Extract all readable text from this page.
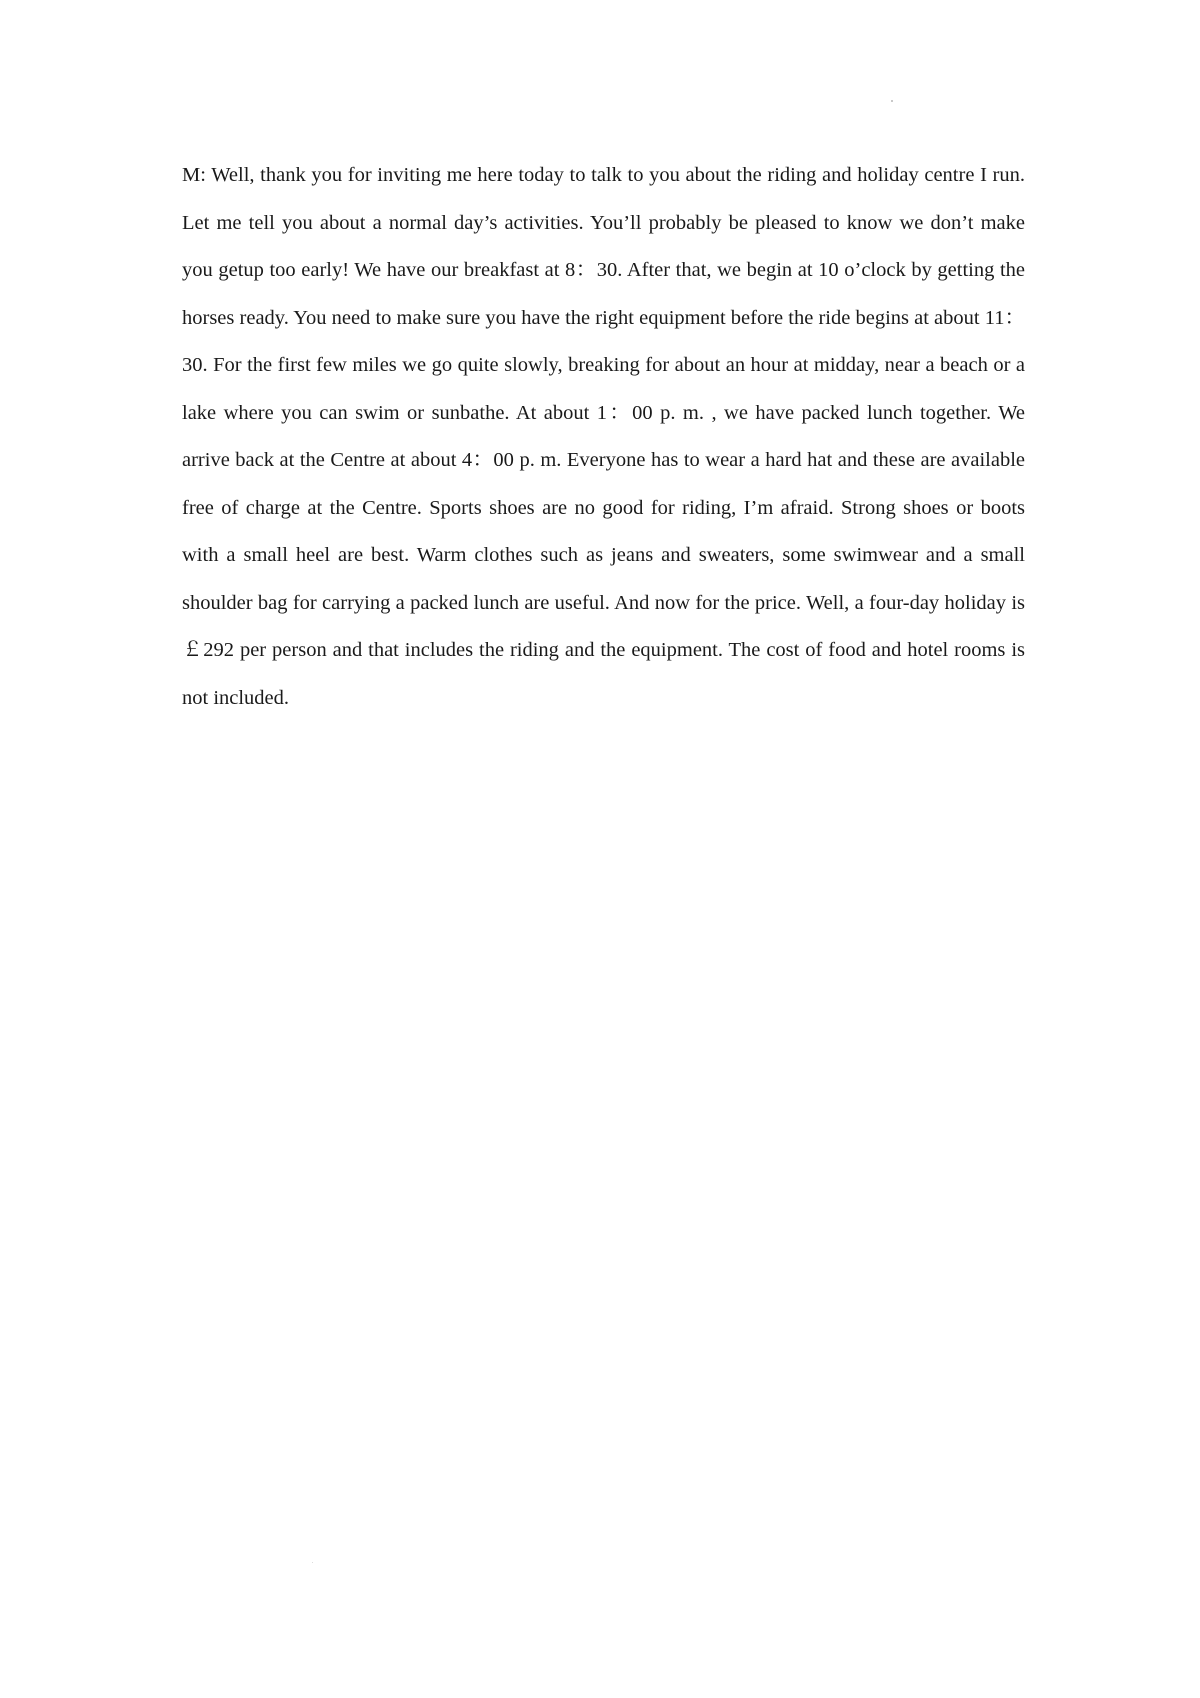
M: Well, thank you for inviting me here today to talk to you about the riding and holiday centre I run. Let me tell you about a normal day’s activities. You’ll probably be pleased to know we don’t make you getup too early! We have our breakfast at 8：30. After that, we begin at 10 o’clock by getting the horses ready. You need to make sure you have the right equipment before the ride begins at about 11：30. For the first few miles we go quite slowly, breaking for about an hour at midday, near a beach or a lake where you can swim or sunbathe. At about 1：00 p. m. , we have packed lunch together. We arrive back at the Centre at about 4：00 p. m. Everyone has to wear a hard hat and these are available free of charge at the Centre. Sports shoes are no good for riding, I’m afraid. Strong shoes or boots with a small heel are best. Warm clothes such as jeans and sweaters, some swimwear and a small shoulder bag for carrying a packed lunch are useful. And now for the price. Well, a four-day holiday is ￡292 per person and that includes the riding and the equipment. The cost of food and hotel rooms is not included.
